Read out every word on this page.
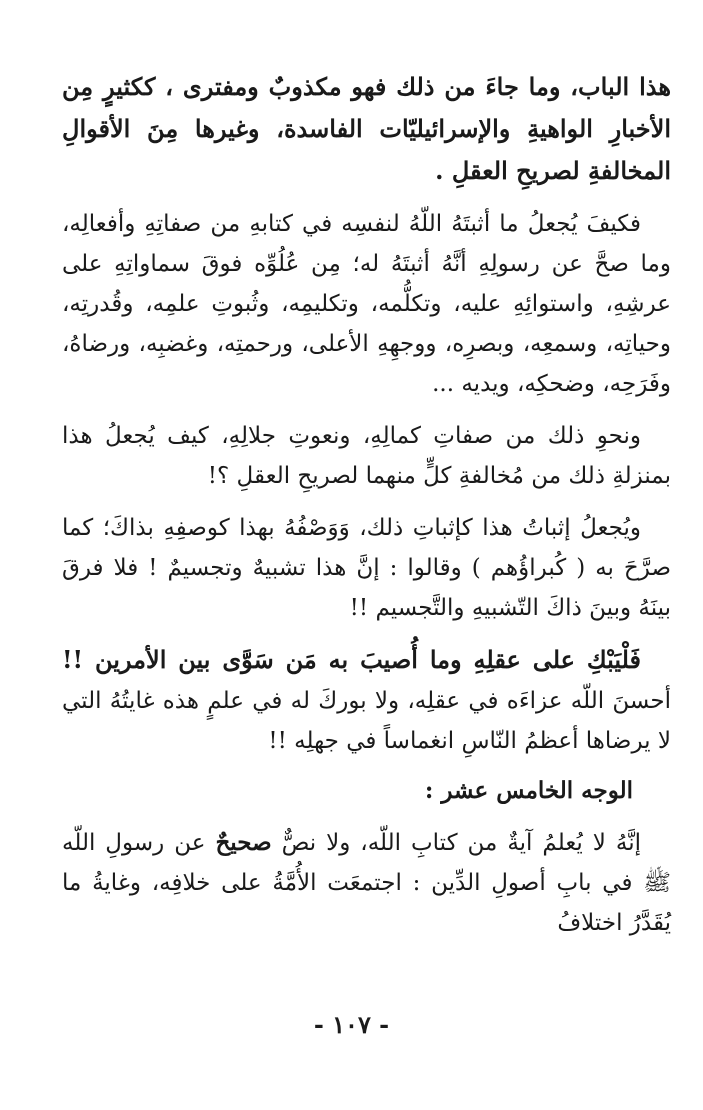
هذا الباب، وما جاءَ من ذلك فهو مكذوبٌ ومفترى ، ككثيرٍ مِن الأخبارِ الواهيةِ والإسرائيليّات الفاسدة، وغيرها مِنَ الأقوالِ المخالفةِ لصريحِ العقلِ .

فكيفَ يُجعلُ ما أثبتَهُ اللّهُ لنفسِه في كتابهِ من صفاتِهِ وأفعالِه، وما صحَّ عن رسولِهِ أنَّهُ أثبتَهُ له؛ مِن عُلُوِّه فوقَ سماواتِهِ على عرشِهِ، واستوائِهِ عليه، وتكلُّمه، وتكليمِه، وثُبوتِ علمِه، وقُدرتِه، وحياتِه، وسمعِه، وبصرِه، ووجهِهِ الأعلى، ورحمتِه، وغضبِه، ورضاهُ، وفَرَحِه، وضحكِه، ويديه ...

ونحوِ ذلك من صفاتِ كمالِهِ، ونعوتِ جلالِهِ، كيف يُجعلُ هذا بمنزلةِ ذلك من مُخالفةِ كلٍّ منهما لصريحِ العقلِ ؟!

ويُجعلُ إثباتُ هذا كإثباتِ ذلك، وَوَصْفُهُ بهذا كوصفِهِ بذاكَ؛ كما صرَّحَ به ( كُبراؤُهم ) وقالوا : إنَّ هذا تشبيهٌ وتجسيمٌ ! فلا فرقَ بينَهُ وبينَ ذاكَ التّشبيهِ والتَّجسيم !!

فَلْيَبْكِ على عقلِهِ وما أُصيبَ به مَن سَوَّى بين الأمرين !! أحسنَ اللّه عزاءَه في عقلِه، ولا بوركَ له في علمٍ هذه غايتُهُ التي لا يرضاها أعظمُ النّاسِ انغماساً في جهلِه !!

الوجه الخامس عشر :

إنَّهُ لا يُعلمُ آيةٌ من كتابِ اللّه، ولا نصٌّ صحيحٌ عن رسولِ اللّه ﷺ في بابِ أصولِ الدِّين : اجتمعَت الأُمَّةُ على خلافِه، وغايةُ ما يُقَدَّرُ اختلافُ

- ١٠٧ -
